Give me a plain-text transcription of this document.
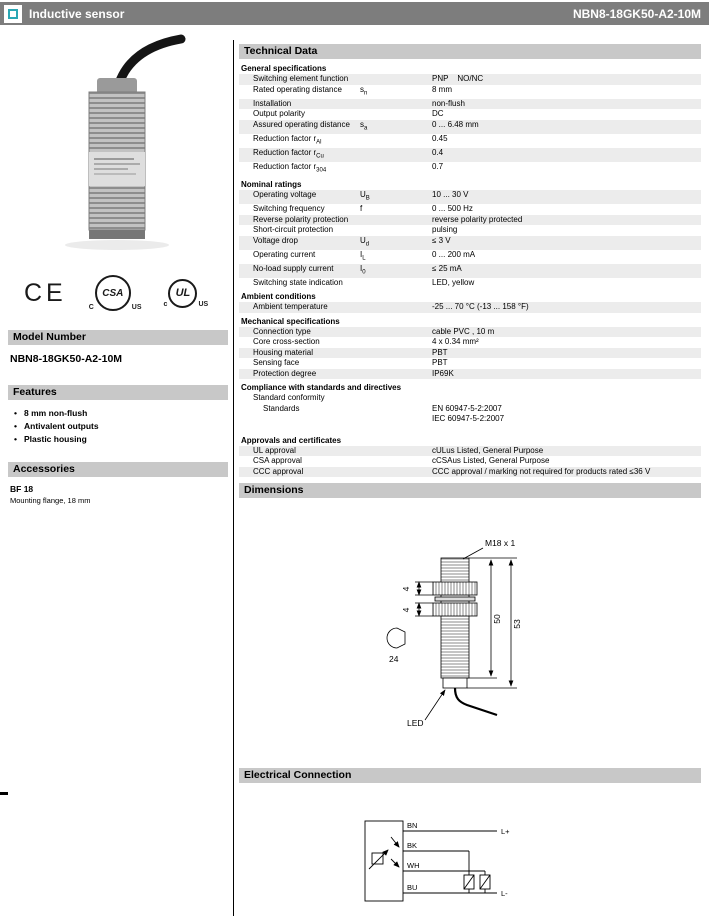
Inductive sensor	NBN8-18GK50-A2-10M
CE
C
CSA
US	c
UL
US
Model Number
NBN8-18GK50-A2-10M
Features
• 8 mm non-flush
• Antivalent outputs
• Plastic housing
Accessories
BF 18
Mounting flange, 18 mm
Technical Data
General specifications
Switching element function	PNP    NO/NC
Rated operating distance	$s_n$	8 mm
Installation	non-flush
Output polarity	DC
Assured operating distance	$s_a$	0 ... 6.48 mm
Reduction factor $r_{Al}$	0.45
Reduction factor $r_{Cu}$	0.4
Reduction factor $r_{304}$	0.7
Nominal ratings
Operating voltage	$U_B$	10 ... 30 V
Switching frequency	f	0 ... 500 Hz
Reverse polarity protection	reverse polarity protected
Short-circuit protection	pulsing
Voltage drop	$U_d$	≤ 3 V
Operating current	$I_L$	0 ... 200 mA
No-load supply current	$I_0$	≤ 25 mA
Switching state indication	LED, yellow
Ambient conditions
Ambient temperature	-25 ... 70 °C (-13 ... 158 °F)
Mechanical specifications
Connection type	cable PVC , 10 m
Core cross-section	4 x 0.34 mm²
Housing material	PBT
Sensing face	PBT
Protection degree	IP69K
Compliance with standards and directives
Standard conformity
Standards	EN 60947-5-2:2007
IEC 60947-5-2:2007
Approvals and certificates
UL approval	cULus Listed, General Purpose
CSA approval	cCSAus Listed, General Purpose
CCC approval	CCC approval / marking not required for products rated ≤36 V
Dimensions
M18 x 1
4
4
50
53
24
LED
Electrical Connection
BN
BK
WH
BU
L+
L-
